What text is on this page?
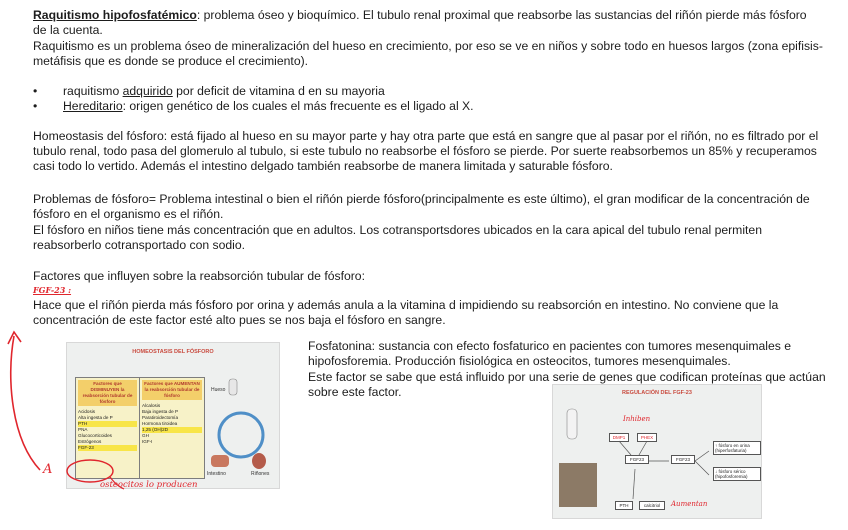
Raquitismo hipofosfatémico: problema óseo y bioquímico. El tubulo renal proximal que reabsorbe las sustancias del riñón pierde más fósforo de la cuenta.

Raquitismo es un problema óseo de mineralización del hueso en crecimiento, por eso se ve en niños y sobre todo en huesos largos (zona epifisis-metáfisis que es donde se produce el crecimiento).

• raquitismo adquirido por deficit de vitamina d en su mayoria
• Hereditario: origen genético de los cuales el más frecuente es el ligado al X.

Homeostasis del fósforo: está fijado al hueso en su mayor parte y hay otra parte que está en sangre que al pasar por el riñón, no es filtrado por el tubulo renal, todo pasa del glomerulo al tubulo, si este tubulo no reabsorbe el fósforo se pierde. Por suerte reabsorbemos un 85% y recuperamos casi todo lo vertido. Además el intestino delgado también reabsorbe de manera limitada y saturable fósforo.

Problemas de fósforo= Problema intestinal o bien el riñón pierde fósforo(principalmente es este último), el gran modificar de la concentración de fósforo en el organismo es el riñón.

El fósforo en niños tiene más concentración que en adultos. Los cotransportsdores ubicados en la cara apical del tubulo renal permiten reabsorberlo cotransportado con sodio.

Factores que influyen sobre la reabsorción tubular de fósforo:

FGF-23 :

Hace que el riñón pierda más fósforo por orina y además anula a la vitamina d impidiendo su reabsorción en intestino. No conviene que la concentración de este factor esté alto pues se nos baja el fósforo en sangre.

Fosfatonina: sustancia con efecto fosfaturico en pacientes con tumores mesenquimales e hipofosforemia. Producción fisiológica en osteocitos, tumores mesenquimales.

Este factor se sabe que está influido por una serie de genes que codifican proteínas que actúan sobre este factor.

HOMEOSTASIS DEL FÓSFORO
Factores que DISMINUYEN la reabsorción tubular de fósforo
Acidosis
Alta ingesta de P
PTH
PNA
Glucocorticoides
Estrógenos
FGF-23
Factores que AUMENTAN la reabsorción tubular de fósforo
Alcalosis
Baja ingesta de P
Paratiroidectomía
Hormona tiroidea
1,25 (OH)2D
GH
IGF-I
Hueso
Intestino	Riñones
A
osteocitos lo producen
REGULACIÓN DEL FGF-23
Inhiben
DMP1	PHEX
FGF23	FGF23
PTH	calcitriol	Aumentan
↑ fósforo en orina (hiperfosfaturia)
↓ fósforo sérico (hipofosforemia)
